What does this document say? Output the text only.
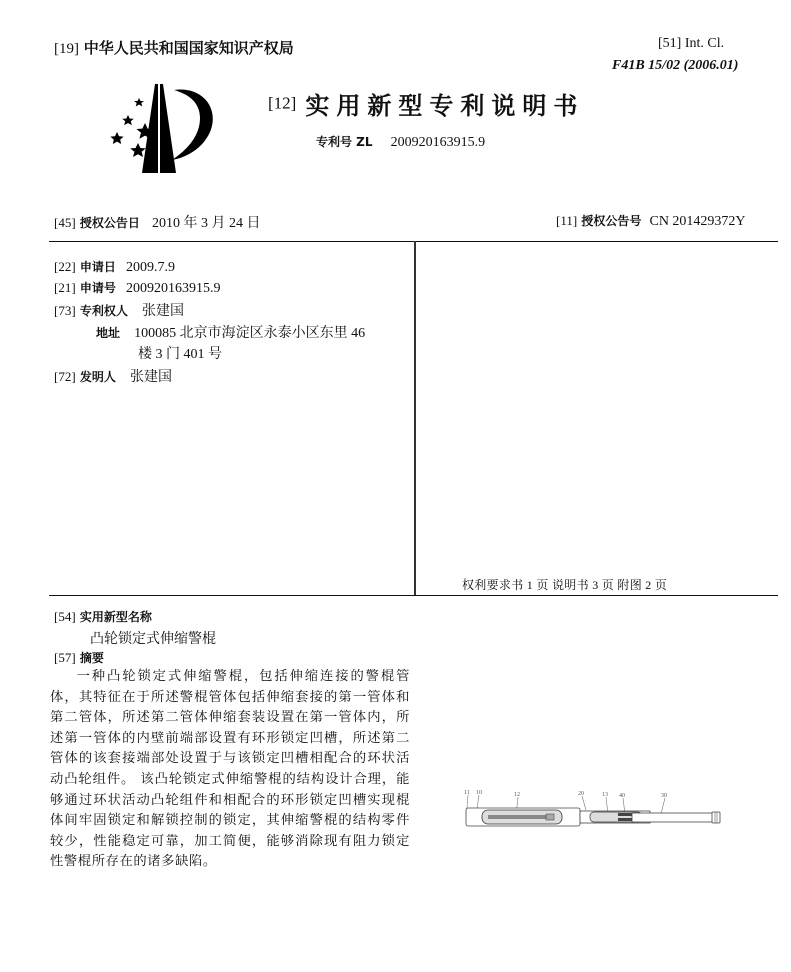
[19] 中华人民共和国国家知识产权局	[51] Int. Cl.
F41B 15/02 (2006.01)
[12] 实用新型专利说明书
专利号 ZL 200920163915.9
[45] 授权公告日 2010 年 3 月 24 日	[11] 授权公告号 CN 201429372Y
[22] 申请日 2009.7.9
[21] 申请号 200920163915.9
[73] 专利权人 张建国
地址 100085 北京市海淀区永泰小区东里 46
楼 3 门 401 号
[72] 发明人 张建国
权利要求书 1 页 说明书 3 页 附图 2 页
[54] 实用新型名称
凸轮锁定式伸缩警棍
[57] 摘要
一种凸轮锁定式伸缩警棍，包括伸缩连接的警棍管体，其特征在于所述警棍管体包括伸缩套接的第一管体和第二管体，所述第二管体伸缩套装设置在第一管体内，所述第一管体的内壁前端部设置有环形锁定凹槽，所述第二管体的该套接端部处设置于与该锁定凹槽相配合的环状活动凸轮组件。 该凸轮锁定式伸缩警棍的结构设计合理，能够通过环状活动凸轮组件和相配合的环形锁定凹槽实现棍体间牢固锁定和解锁控制的锁定，其伸缩警棍的结构零件较少，性能稳定可靠，加工简便，能够消除现有阻力锁定性警棍所存在的诸多缺陷。
11 10	12	20	13 40	30
